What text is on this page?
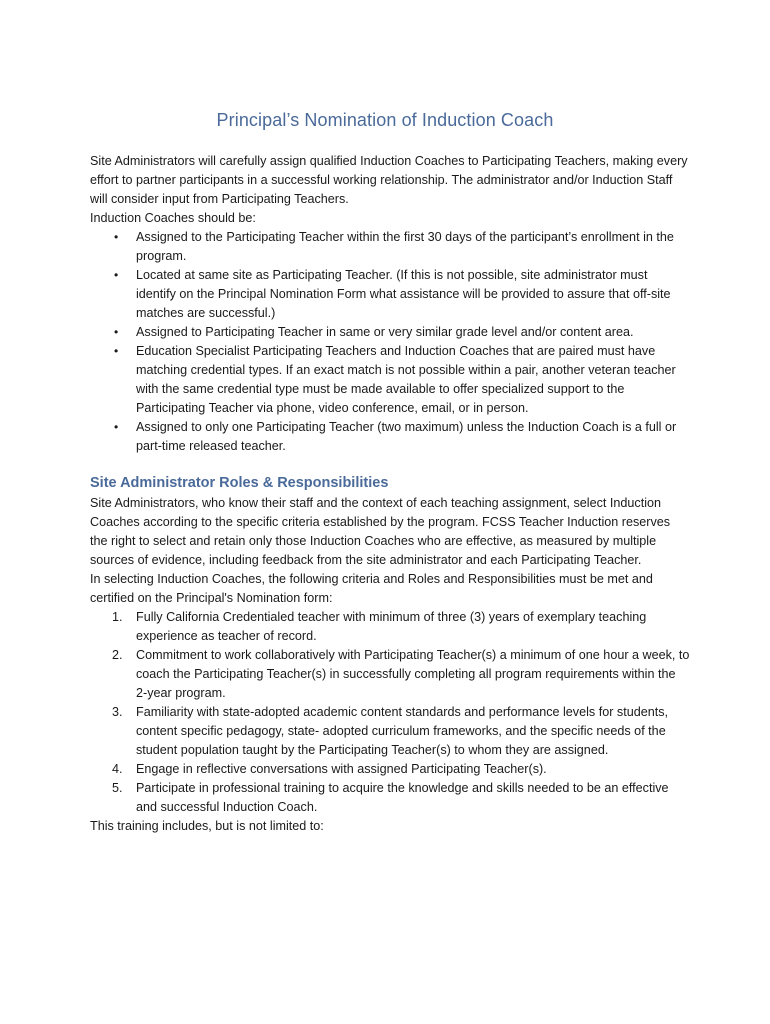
Principal’s Nomination of Induction Coach

Site Administrators will carefully assign qualified Induction Coaches to Participating Teachers, making every effort to partner participants in a successful working relationship. The administrator and/or Induction Staff will consider input from Participating Teachers.

Induction Coaches should be:

• Assigned to the Participating Teacher within the first 30 days of the participant’s enrollment in the program.
• Located at same site as Participating Teacher. (If this is not possible, site administrator must identify on the Principal Nomination Form what assistance will be provided to assure that off-site matches are successful.)
• Assigned to Participating Teacher in same or very similar grade level and/or content area.
• Education Specialist Participating Teachers and Induction Coaches that are paired must have matching credential types. If an exact match is not possible within a pair, another veteran teacher with the same credential type must be made available to offer specialized support to the Participating Teacher via phone, video conference, email, or in person.
• Assigned to only one Participating Teacher (two maximum) unless the Induction Coach is a full or part-time released teacher.
Site Administrator Roles & Responsibilities

Site Administrators, who know their staff and the context of each teaching assignment, select Induction Coaches according to the specific criteria established by the program. FCSS Teacher Induction reserves the right to select and retain only those Induction Coaches who are effective, as measured by multiple sources of evidence, including feedback from the site administrator and each Participating Teacher.

In selecting Induction Coaches, the following criteria and Roles and Responsibilities must be met and certified on the Principal's Nomination form:

1. Fully California Credentialed teacher with minimum of three (3) years of exemplary teaching experience as teacher of record.
2. Commitment to work collaboratively with Participating Teacher(s) a minimum of one hour a week, to coach the Participating Teacher(s) in successfully completing all program requirements within the 2-year program.
3. Familiarity with state-adopted academic content standards and performance levels for students, content specific pedagogy, state- adopted curriculum frameworks, and the specific needs of the student population taught by the Participating Teacher(s) to whom they are assigned.
4. Engage in reflective conversations with assigned Participating Teacher(s).
5. Participate in professional training to acquire the knowledge and skills needed to be an effective and successful Induction Coach.

This training includes, but is not limited to:
